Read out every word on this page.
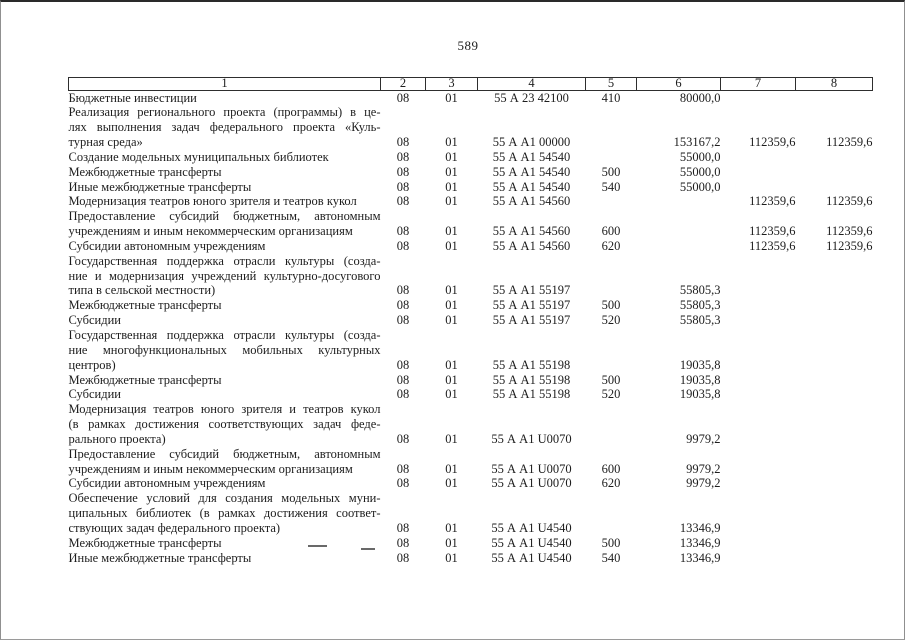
589
1	2	3	4	5	6	7	8

Бюджетные инвестиции	08	01	55 А 23 42100	410	80000,0		

Реализация регионального проекта (программы) в це-
лях выполнения задач федерального проекта «Куль-
турная среда»	08	01	55 А А1 00000		153167,2	112359,6	112359,6

Создание модельных муниципальных библиотек	08	01	55 А А1 54540		55000,0		

Межбюджетные трансферты	08	01	55 А А1 54540	500	55000,0		

Иные межбюджетные трансферты	08	01	55 А А1 54540	540	55000,0		

Модернизация театров юного зрителя и театров кукол	08	01	55 А А1 54560			112359,6	112359,6

Предоставление субсидий бюджетным, автономным
учреждениям и иным некоммерческим организациям	08	01	55 А А1 54560	600		112359,6	112359,6

Субсидии автономным учреждениям	08	01	55 А А1 54560	620		112359,6	112359,6

Государственная поддержка отрасли культуры (созда-
ние и модернизация учреждений культурно-досугового
типа в сельской местности)	08	01	55 А А1 55197		55805,3		

Межбюджетные трансферты	08	01	55 А А1 55197	500	55805,3		

Субсидии	08	01	55 А А1 55197	520	55805,3		

Государственная поддержка отрасли культуры (созда-
ние многофункциональных мобильных культурных
центров)	08	01	55 А А1 55198		19035,8		

Межбюджетные трансферты	08	01	55 А А1 55198	500	19035,8		

Субсидии	08	01	55 А А1 55198	520	19035,8		

Модернизация театров юного зрителя и театров кукол
(в рамках достижения соответствующих задач феде-
рального проекта)	08	01	55 А А1 U0070		9979,2		

Предоставление субсидий бюджетным, автономным
учреждениям и иным некоммерческим организациям	08	01	55 А А1 U0070	600	9979,2		

Субсидии автономным учреждениям	08	01	55 А А1 U0070	620	9979,2		

Обеспечение условий для создания модельных муни-
ципальных библиотек (в рамках достижения соответ-
ствующих задач федерального проекта)	08	01	55 А А1 U4540		13346,9		

Межбюджетные трансферты	08	01	55 А А1 U4540	500	13346,9		

Иные межбюджетные трансферты	08	01	55 А А1 U4540	540	13346,9		
